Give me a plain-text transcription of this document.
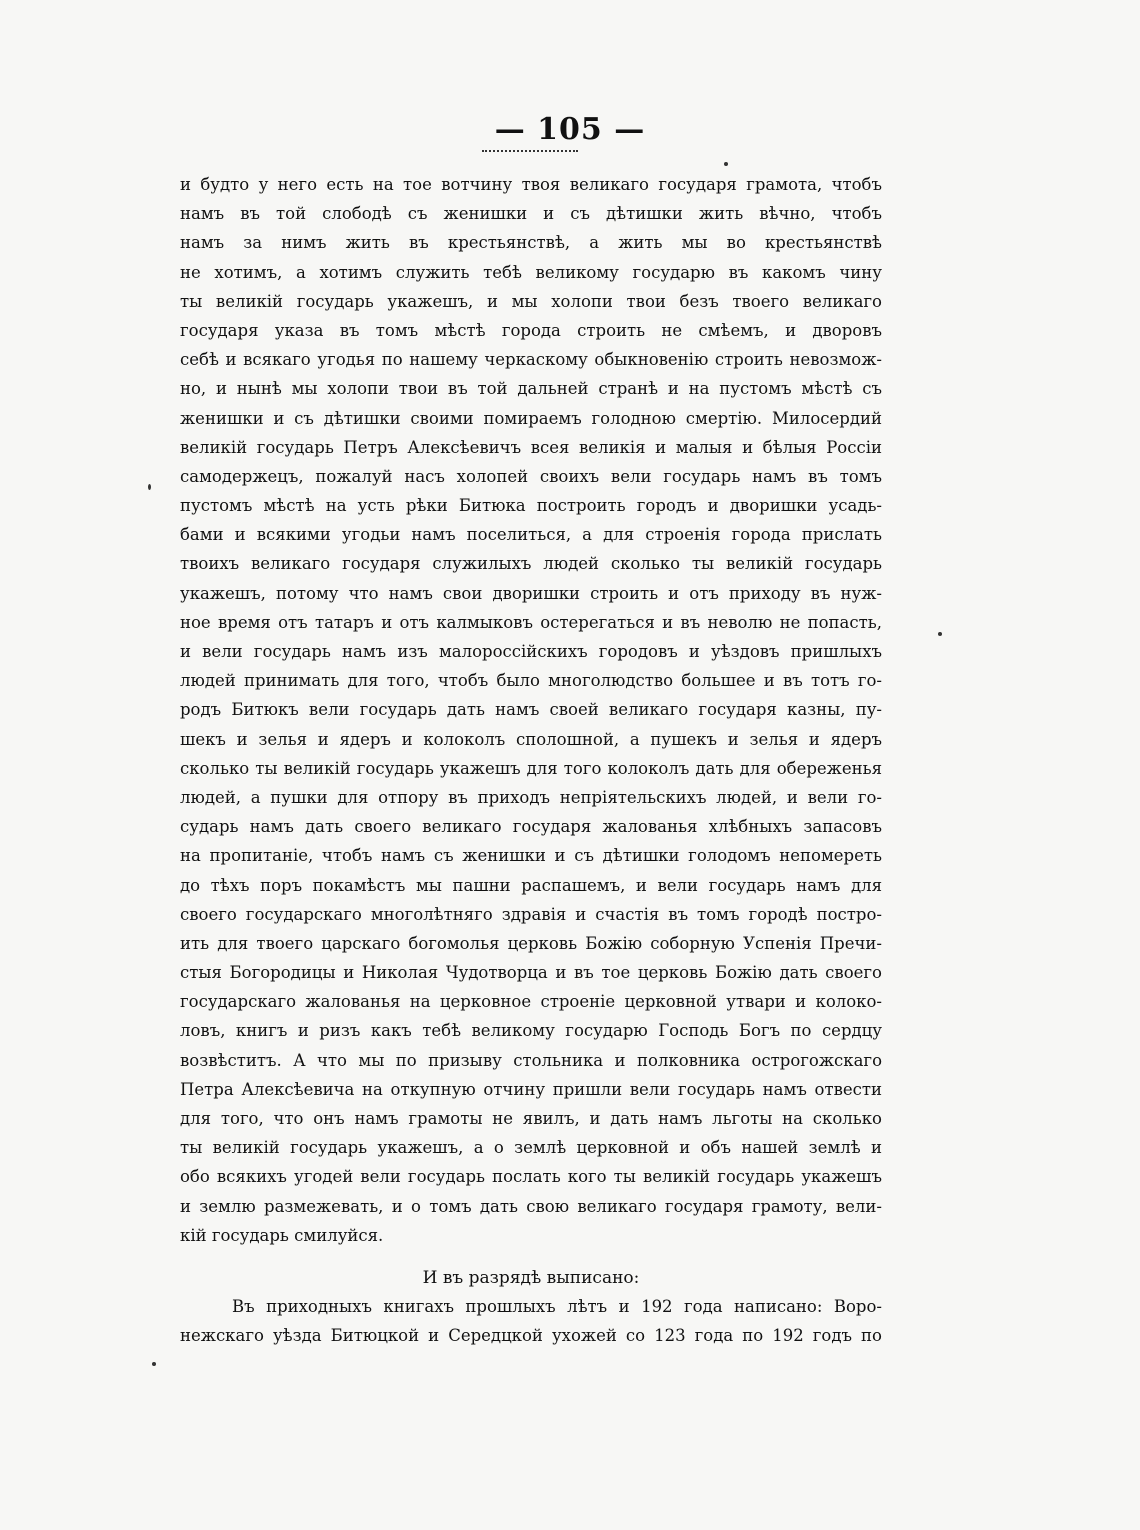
— 105 —
и будто у него есть на тое вотчину твоя великаго государя грамота, чтобъ
намъ въ той слободѣ съ женишки и съ дѣтишки жить вѣчно, чтобъ
намъ за нимъ жить въ крестьянствѣ, а жить мы во крестьянствѣ
не хотимъ, а хотимъ служить тебѣ великому государю въ какомъ чину
ты великій государь укажешъ, и мы холопи твои безъ твоего великаго
государя указа въ томъ мѣстѣ города строить не смѣемъ, и дворовъ
себѣ и всякаго угодья по нашему черкаскому обыкновенію строить невозмож-
но, и нынѣ мы холопи твои въ той дальней странѣ и на пустомъ мѣстѣ съ
женишки и съ дѣтишки своими помираемъ голодною смертію. Милосердий
великій государь Петръ Алексѣевичъ всея великія и малыя и бѣлыя Россіи
самодержецъ, пожалуй насъ холопей своихъ вели государь намъ въ томъ
пустомъ мѣстѣ на усть рѣки Битюка построить городъ и дворишки усадь-
бами и всякими угодьи намъ поселиться, а для строенія города прислать
твоихъ великаго государя служилыхъ людей сколько ты великій государь
укажешъ, потому что намъ свои дворишки строить и отъ приходу въ нуж-
ное время отъ татаръ и отъ калмыковъ остерегаться и въ неволю не попасть,
и вели государь намъ изъ малороссійскихъ городовъ и уѣздовъ пришлыхъ
людей принимать для того, чтобъ было многолюдство большее и въ тотъ го-
родъ Битюкъ вели государь дать намъ своей великаго государя казны, пу-
шекъ и зелья и ядеръ и колоколъ сполошной, а пушекъ и зелья и ядеръ
сколько ты великій государь укажешъ для того колоколъ дать для обереженья
людей, а пушки для отпору въ приходъ непріятельскихъ людей, и вели го-
сударь намъ дать своего великаго государя жалованья хлѣбныхъ запасовъ
на пропитаніе, чтобъ намъ съ женишки и съ дѣтишки голодомъ непомереть
до тѣхъ поръ покамѣстъ мы пашни распашемъ, и вели государь намъ для
своего государскаго многолѣтняго здравія и счастія въ томъ городѣ постро-
ить для твоего царскаго богомолья церковь Божію соборную Успенія Пречи-
стыя Богородицы и Николая Чудотворца и въ тое церковь Божію дать своего
государскаго жалованья на церковное строеніе церковной утвари и колоко-
ловъ, книгъ и ризъ какъ тебѣ великому государю Господь Богъ по сердцу
возвѣститъ. А что мы по призыву стольника и полковника острогожскаго
Петра Алексѣевича на откупную отчину пришли вели государь намъ отвести
для того, что онъ намъ грамоты не явилъ, и дать намъ льготы на сколько
ты великій государь укажешъ, а о землѣ церковной и объ нашей землѣ и
обо всякихъ угодей вели государь послать кого ты великій государь укажешъ
и землю размежевать, и о томъ дать свою великаго государя грамоту, вели-
кій государь смилуйся.
И въ разрядѣ выписано:
Въ приходныхъ книгахъ прошлыхъ лѣтъ и 192 года написано: Воро-
нежскаго уѣзда Битюцкой и Середцкой ухожей со 123 года по 192 годъ по
